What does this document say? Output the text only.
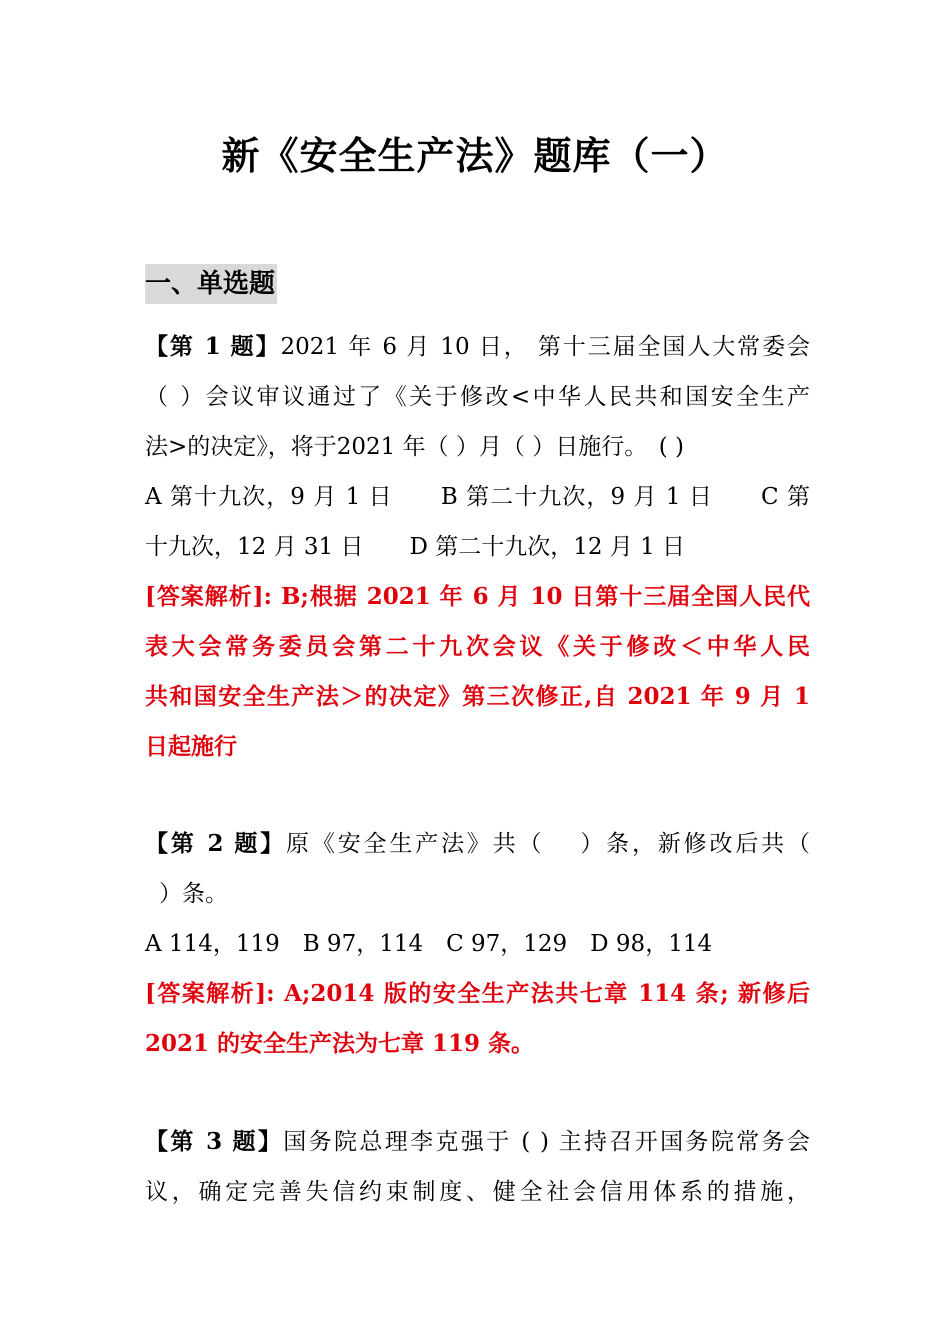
新《安全生产法》题库（一）
一、单选题
【第 1 题】2021 年 6 月 10 日， 第十三届全国人大常委会
（ ）会议审议通过了《关于修改<中华人民共和国安全生产
法>的决定》，将于2021 年（ ）月（ ）日施行。　( )
A 第十九次，9 月 1 日　　B 第二十九次，9 月 1 日　　C 第
十九次，12 月 31 日　　D 第二十九次，12 月 1 日
[答案解析]: B;根据 2021 年 6 月 10 日第十三届全国人民代
表大会常务委员会第二十九次会议《关于修改＜中华人民
共和国安全生产法＞的决定》第三次修正,自 2021 年 9 月 1
日起施行
【第 2 题】原《安全生产法》共（　 ）条，新修改后共（
）条。
A 114，119　B 97，114　C 97，129　D 98，114
[答案解析]: A;2014 版的安全生产法共七章 114 条; 新修后
2021 的安全生产法为七章 119 条。
【第 3 题】国务院总理李克强于 ( ) 主持召开国务院常务会
议，确定完善失信约束制度、健全社会信用体系的措施，
